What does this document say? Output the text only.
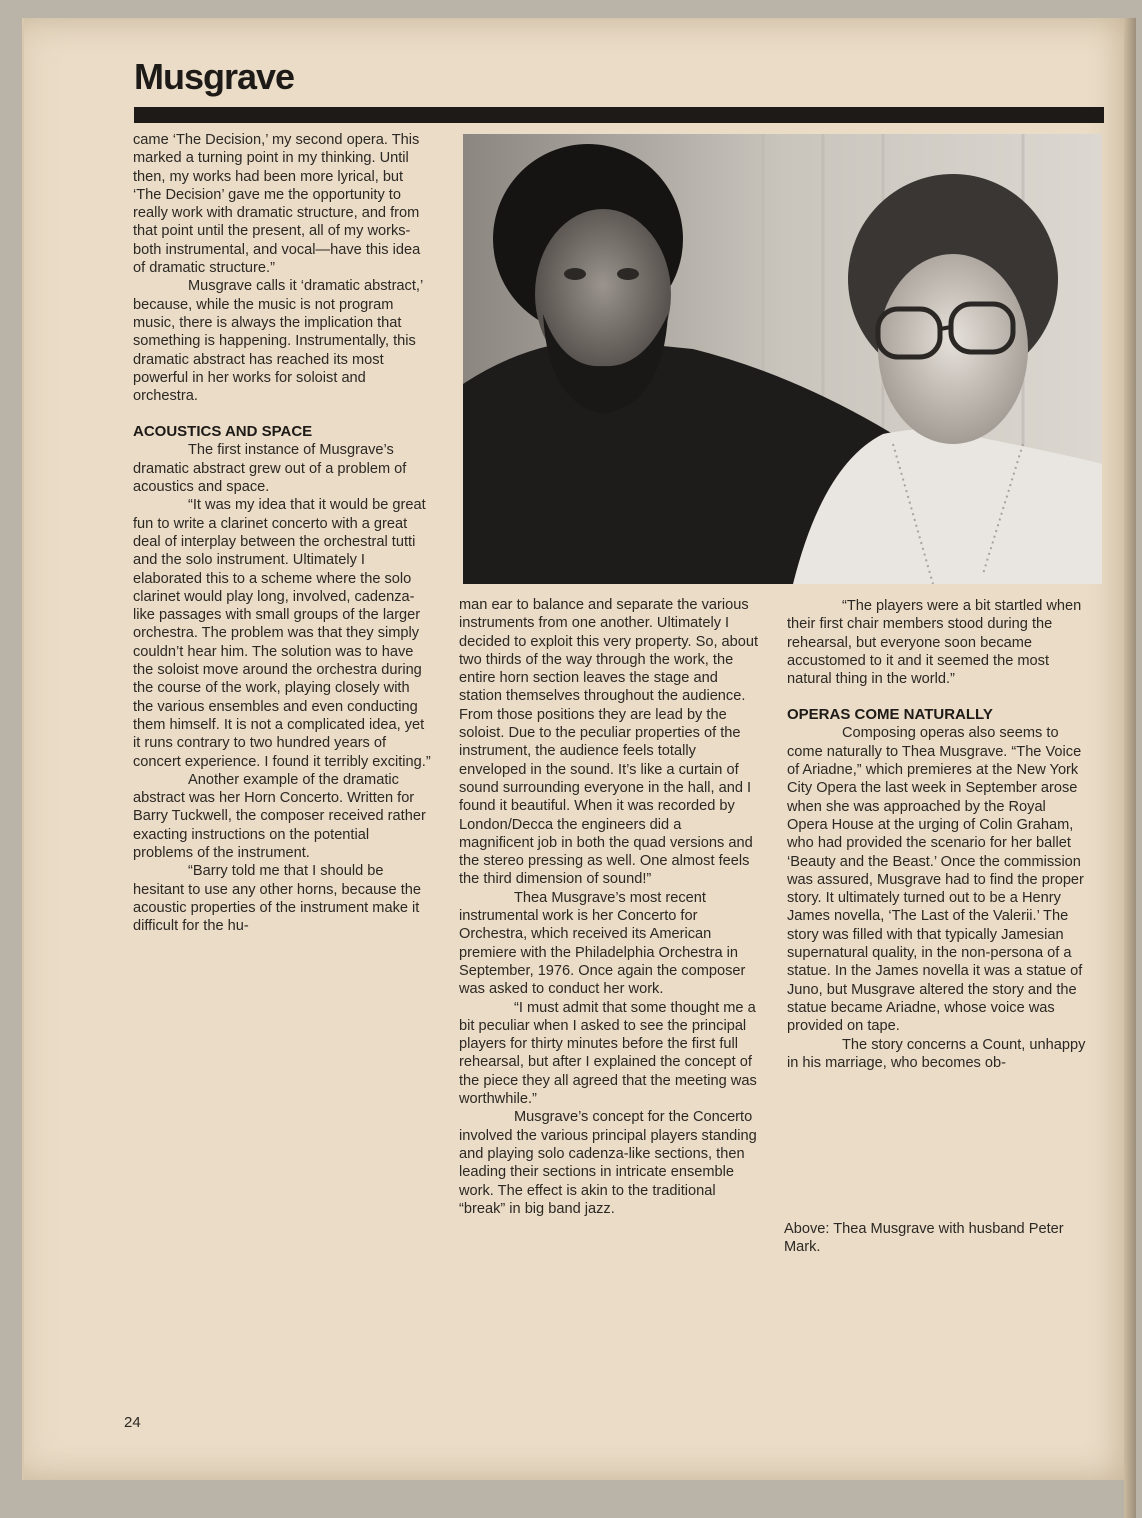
Musgrave

came ‘The Decision,’ my second opera. This marked a turning point in my thinking. Until then, my works had been more lyrical, but ‘The Decision’ gave me the opportunity to really work with dramatic structure, and from that point until the present, all of my works-both instrumental, and vocal—have this idea of dramatic structure.”

Musgrave calls it ‘dramatic abstract,’ because, while the music is not program music, there is always the implication that something is happening. Instrumentally, this dramatic abstract has reached its most powerful in her works for soloist and orchestra.

ACOUSTICS AND SPACE

The first instance of Musgrave’s dramatic abstract grew out of a problem of acoustics and space.

“It was my idea that it would be great fun to write a clarinet concerto with a great deal of interplay between the orchestral tutti and the solo instrument. Ultimately I elaborated this to a scheme where the solo clarinet would play long, involved, cadenza-like passages with small groups of the larger orchestra. The problem was that they simply couldn’t hear him. The solution was to have the soloist move around the orchestra during the course of the work, playing closely with the various ensembles and even conducting them himself. It is not a complicated idea, yet it runs contrary to two hundred years of concert experience. I found it terribly exciting.”

Another example of the dramatic abstract was her Horn Concerto. Written for Barry Tuckwell, the composer received rather exacting instructions on the potential problems of the instrument.

“Barry told me that I should be hesitant to use any other horns, because the acoustic properties of the instrument make it difficult for the hu-

man ear to balance and separate the various instruments from one another. Ultimately I decided to exploit this very property. So, about two thirds of the way through the work, the entire horn section leaves the stage and station themselves throughout the audience. From those positions they are lead by the soloist. Due to the peculiar properties of the instrument, the audience feels totally enveloped in the sound. It’s like a curtain of sound surrounding everyone in the hall, and I found it beautiful. When it was recorded by London/Decca the engineers did a magnificent job in both the quad versions and the stereo pressing as well. One almost feels the third dimension of sound!”

Thea Musgrave’s most recent instrumental work is her Concerto for Orchestra, which received its American premiere with the Philadelphia Orchestra in September, 1976. Once again the composer was asked to conduct her work.

“I must admit that some thought me a bit peculiar when I asked to see the principal players for thirty minutes before the first full rehearsal, but after I explained the concept of the piece they all agreed that the meeting was worthwhile.”

Musgrave’s concept for the Concerto involved the various principal players standing and playing solo cadenza-like sections, then leading their sections in intricate ensemble work. The effect is akin to the traditional “break” in big band jazz.

“The players were a bit startled when their first chair members stood during the rehearsal, but everyone soon became accustomed to it and it seemed the most natural thing in the world.”

OPERAS COME NATURALLY

Composing operas also seems to come naturally to Thea Musgrave. “The Voice of Ariadne,” which premieres at the New York City Opera the last week in September arose when she was approached by the Royal Opera House at the urging of Colin Graham, who had provided the scenario for her ballet ‘Beauty and the Beast.’ Once the commission was assured, Musgrave had to find the proper story. It ultimately turned out to be a Henry James novella, ‘The Last of the Valerii.’ The story was filled with that typically Jamesian supernatural quality, in the non-persona of a statue. In the James novella it was a statue of Juno, but Musgrave altered the story and the statue became Ariadne, whose voice was provided on tape.

The story concerns a Count, unhappy in his marriage, who becomes ob-

Above: Thea Musgrave with husband Peter Mark.
24
